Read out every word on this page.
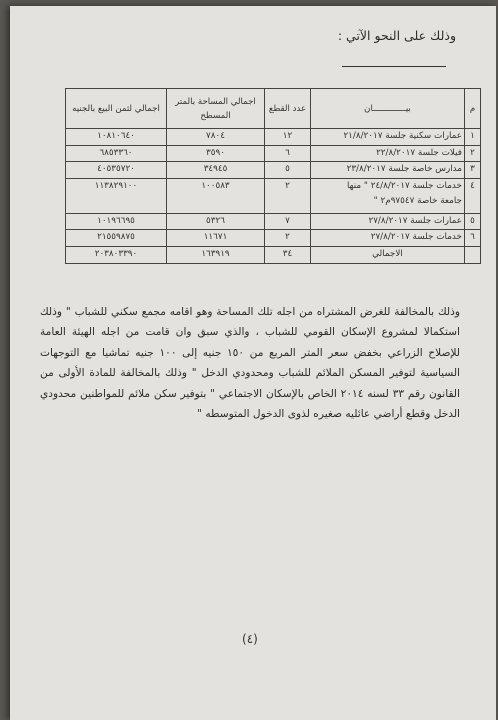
وذلك على النحو الآتي :
م	بيـــــــــــــان	عدد القطع	اجمالي المساحة بالمتر المسطح	اجمالي لثمن البيع بالجنيه
١	عمارات سكنية جلسة ٢١/٨/٢٠١٧	١٢	٧٨٠٤	١٠٨١٠٦٤٠
٢	فيلات جلسة ٢٢/٨/٢٠١٧	٦	٣٥٩٠	٦٨٥٣٣٦٠
٣	مدارس خاصة جلسة ٢٣/٨/٢٠١٧	٥	٣٤٩٤٥	٤٠٥٣٥٧٢٠
٤	خدمات جلسة ٢٤/٨/٢٠١٧ " منها
جامعة خاصة ٩٧٥٤٧م٢ "	٢	١٠٠٥٨٣	١١٣٨٢٩١٠٠
٥	عمارات جلسة ٢٧/٨/٢٠١٧	٧	٥٣٢٦	١٠١٩٦٦٩٥
٦	خدمات جلسة ٢٧/٨/٢٠١٧	٢	١١٦٧١	٢١٥٥٩٨٧٥
	الاجمالي	٣٤	١٦٣٩١٩	٢٠٣٨٠٣٣٩٠

وذلك بالمخالفة للغرض المشتراه من اجله تلك المساحة وهو اقامه مجمع سكني للشباب " وذلك استكمالا لمشروع الإسكان القومي للشباب ، والذي سبق وان قامت من اجله الهيئة العامة للإصلاح الزراعي بخفض سعر المتر المربع من ١٥٠ جنيه إلى ١٠٠ جنيه تماشيا مع التوجهات السياسية لتوفير المسكن الملائم للشباب ومحدودي الدخل " وذلك بالمخالفة للمادة الأولى من القانون رقم ٣٣ لسنه ٢٠١٤ الخاص بالإسكان الاجتماعي " بتوفير سكن ملائم للمواطنين محدودي الدخل وقطع أراضي عائليه صغيره لذوى الدخول المتوسطه "

(٤)
